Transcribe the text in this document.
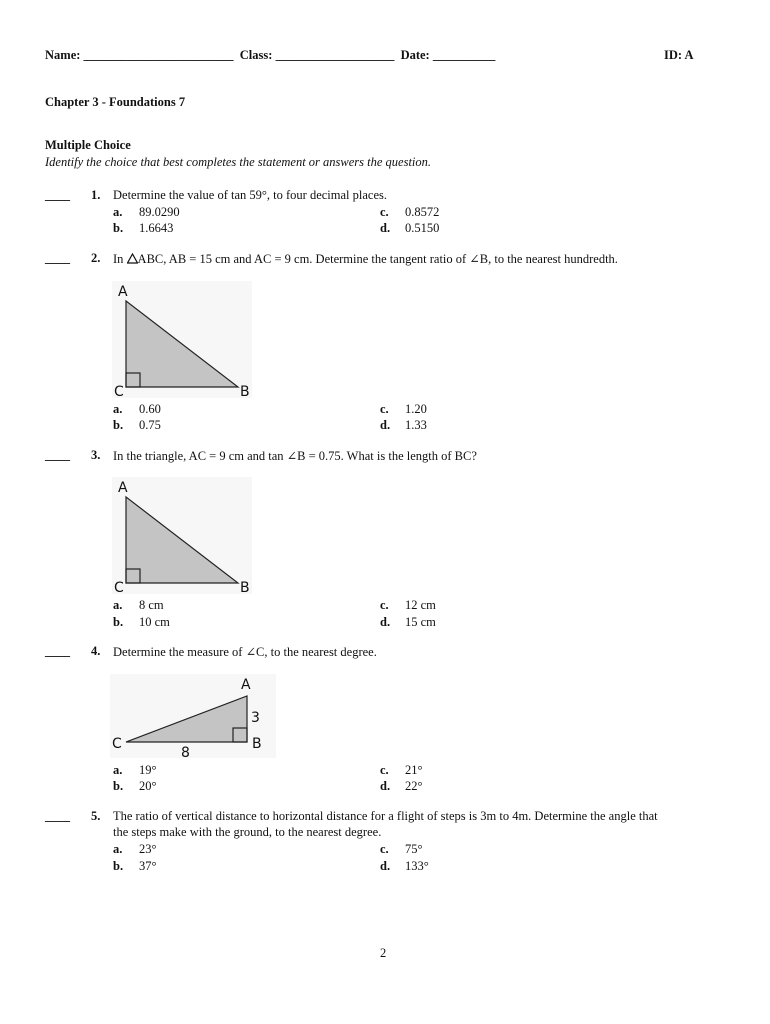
Name: ________________________ Class: ___________________ Date: __________	ID: A
Chapter 3 - Foundations 7
Multiple Choice
Identify the choice that best completes the statement or answers the question.
____ 1. Determine the value of tan 59°, to four decimal places.
a. 89.0290	c. 0.8572
b. 1.6643	d. 0.5150
____ 2. In ABC, AB = 15 cm and AC = 9 cm. Determine the tangent ratio of ∠B, to the nearest hundredth.
A
C	B
a. 0.60	c. 1.20
b. 0.75	d. 1.33
____ 3. In the triangle, AC = 9 cm and tan ∠B = 0.75. What is the length of BC?
A
C	B
a. 8 cm	c. 12 cm
b. 10 cm	d. 15 cm
____ 4. Determine the measure of ∠C, to the nearest degree.
A
C	B
3
8
a. 19°	c. 21°
b. 20°	d. 22°
____ 5. The ratio of vertical distance to horizontal distance for a flight of steps is 3m to 4m. Determine the angle that
the steps make with the ground, to the nearest degree.
a. 23°	c. 75°
b. 37°	d. 133°
2
